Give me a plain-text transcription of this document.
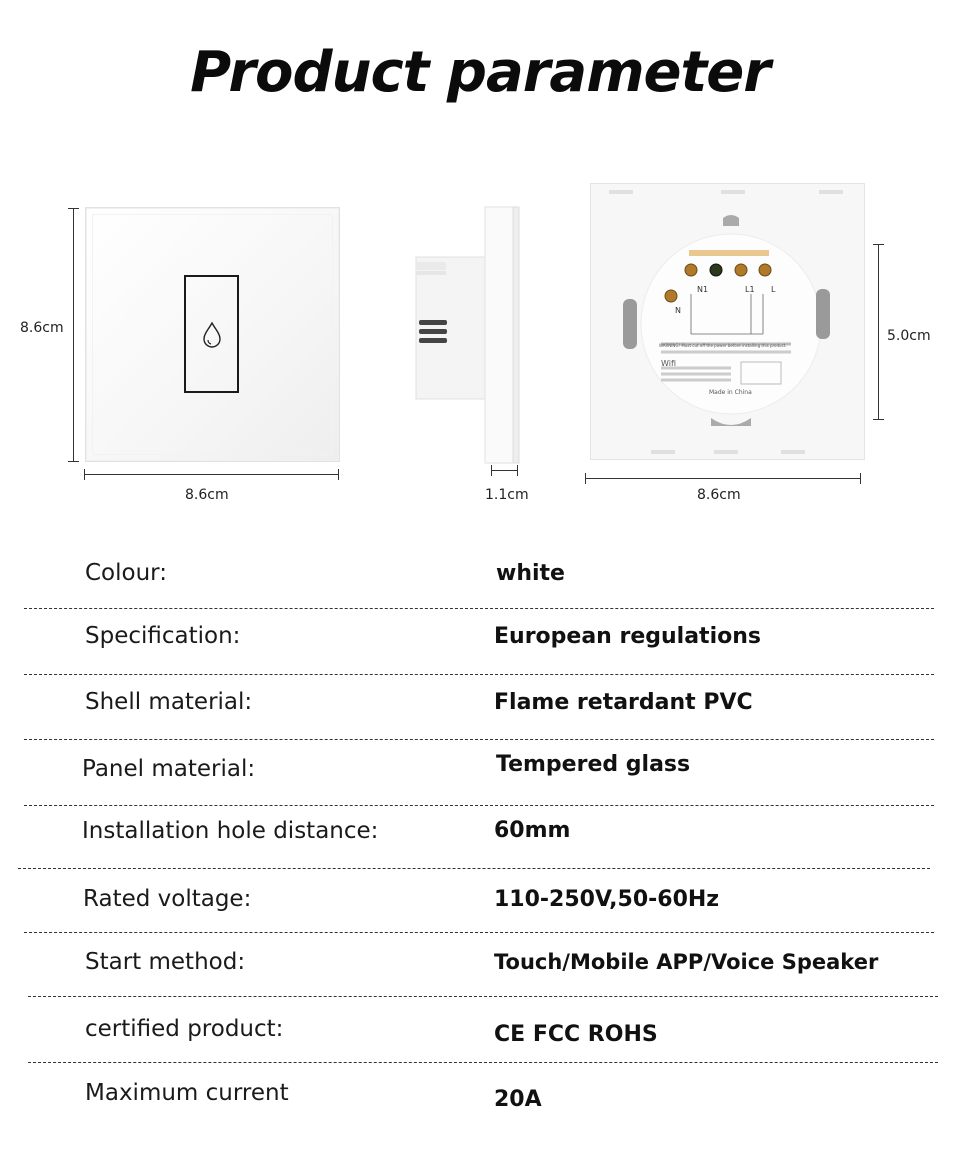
Product parameter
8.6cm
8.6cm	1.1cm
N1	L1 L
N
WARNING! Must cut off the power before installing this product.
Wifi
Made in China
5.0cm
8.6cm
Colour:	white
Specification:	European regulations
Shell material:	Flame retardant PVC
Panel material:	Tempered glass
Installation hole distance:	60mm
Rated voltage:	110-250V,50-60Hz
Start method:	Touch/Mobile APP/Voice Speaker
certified product:	CE FCC ROHS
Maximum current	20A
